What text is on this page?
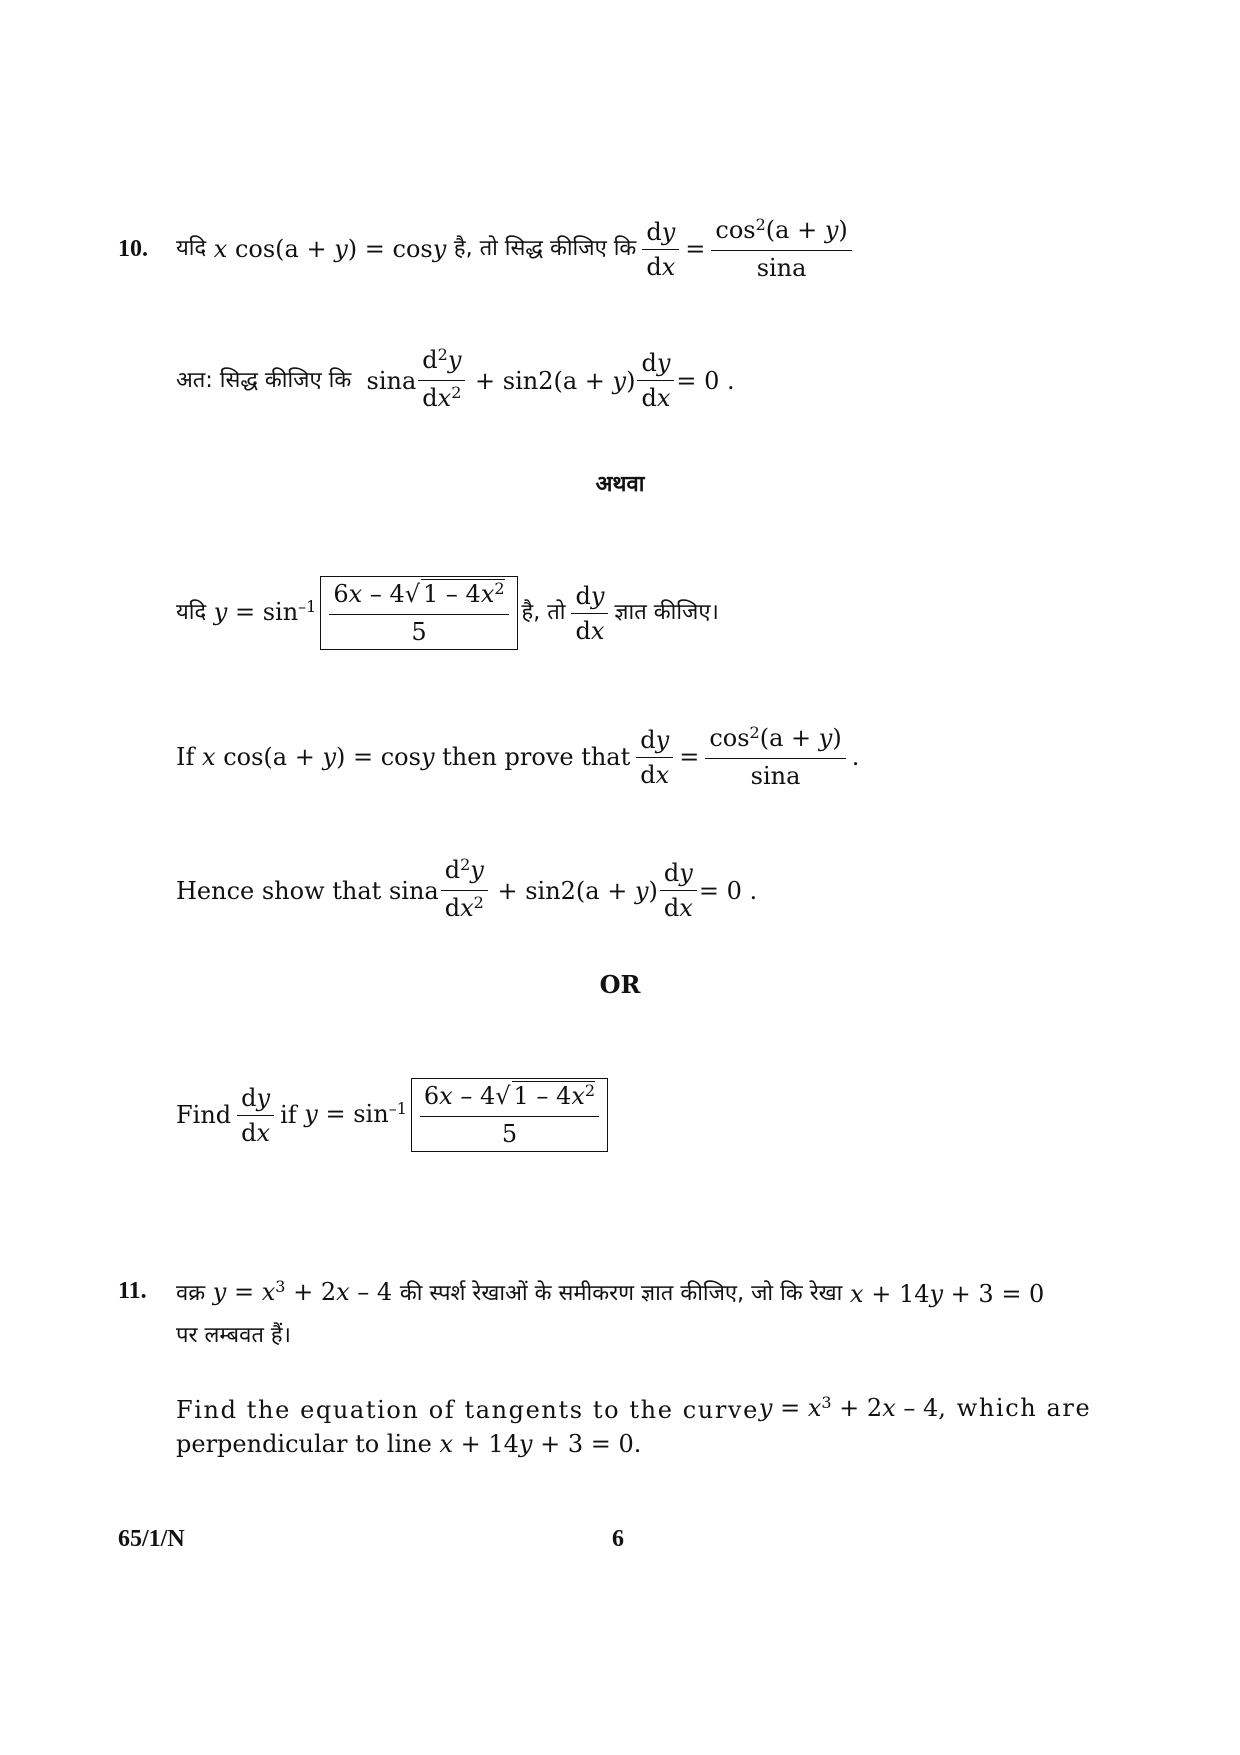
10. यदि
x cos(a + y) = cosy
है, तो सिद्ध कीजिए कि $\frac{dy}{dx} = \frac{\cos^2(a + y)}{\sin a}$
अत: सिद्ध कीजिए कि
sina $\frac{d^2y}{dx^2} + \sin 2(a + y) \frac{dy}{dx} = 0$ .
अथवा
यदि
$y = \sin^{-1} \frac{6x - 4√ 1 - 4x^2}{5}$ है, तो $\frac{dy}{dx}$ ज्ञात कीजिए।
If
x cos(a + y) = cosy
then prove that $\frac{dy}{dx} = \frac{\cos^2(a + y)}{\sin a}$ .
Hence show that
sina $\frac{d^2y}{dx^2} + \sin 2(a + y) \frac{dy}{dx} = 0$ .
OR
Find $\frac{dy}{dx}$ if
$y = \sin^{-1} \frac{6x - 4√ 1 - 4x^2}{5}$
11. वक्र
$y = x^3 + 2x - 4$
की स्पर्श रेखाओं के समीकरण ज्ञात कीजिए, जो कि रेखा
x + 14y + 3 = 0
पर लम्बवत हैं।
Find the equation of tangents to the curve $y = x^3 + 2x - 4$, which are
perpendicular to line
x + 14y + 3 = 0.
65/1/N	6
